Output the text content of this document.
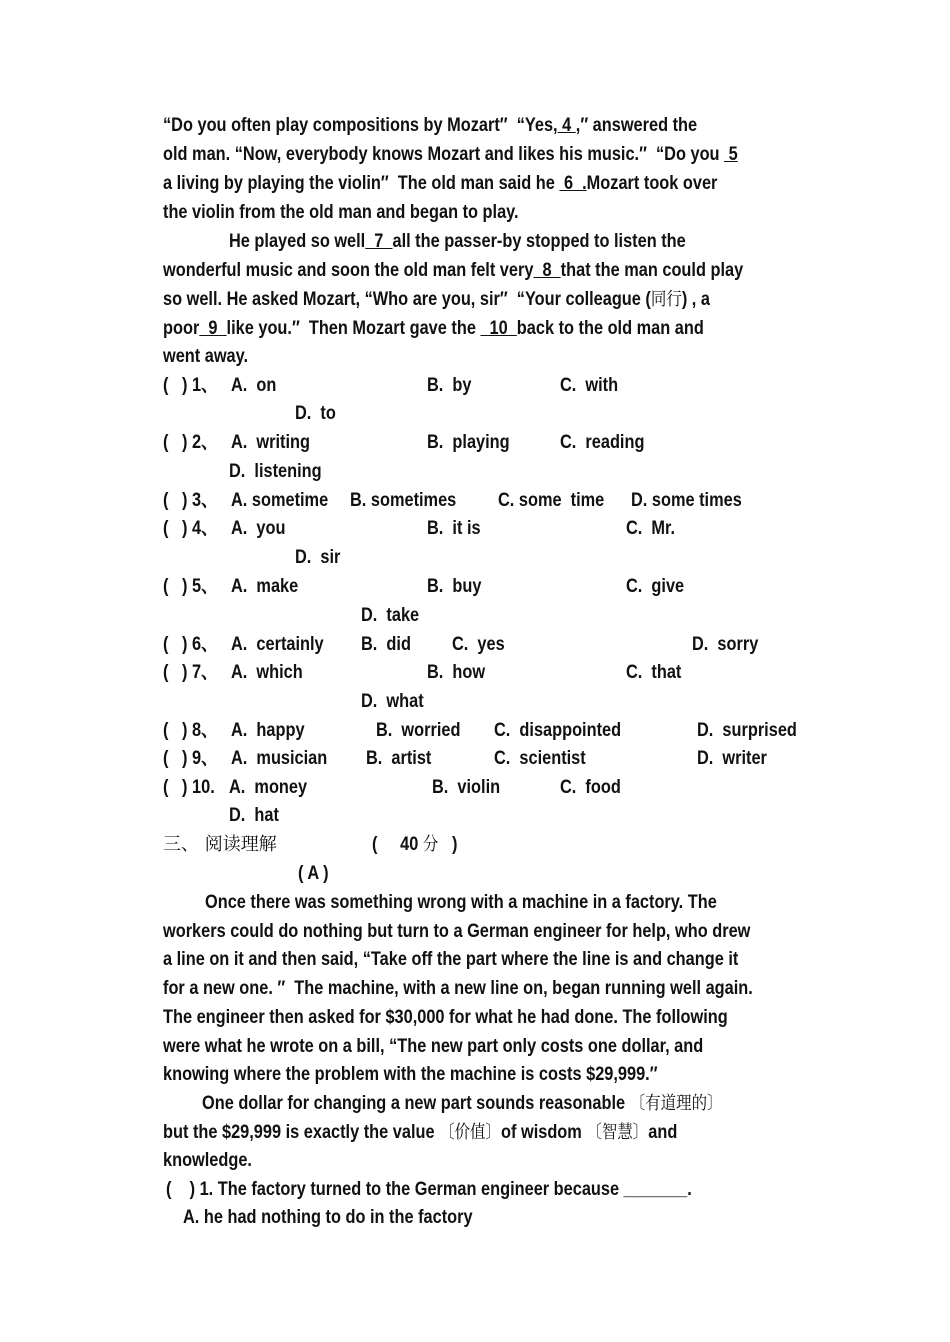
“Do you often play compositions by Mozart″  “Yes, 4 ,″ answered the
old man. “Now, everybody knows Mozart and likes his music.″  “Do you  5
a living by playing the violin″  The old man said he  6  .Mozart took over
the violin from the old man and began to play.
He played so well  7  all the passer-by stopped to listen the
wonderful music and soon the old man felt very  8  that the man could play
so well. He asked Mozart, “Who are you, sir″  “Your colleague (同行) , a
poor  9  like you.″  Then Mozart gave the   10  back to the old man and
went away.
(   ) 1、 A.  on	B.  by	C.  with
D.  to
(   ) 2、 A.  writing	B.  playing	C.  reading
D.  listening
(   ) 3、 A. sometime	B. sometimes	C. some  time	D. some times
(   ) 4、 A.  you	B.  it is	C.  Mr.
D.  sir
(   ) 5、 A.  make	B.  buy	C.  give
D.  take
(   ) 6、 A.  certainly	B.  did	C.  yes	D.  sorry
(   ) 7、 A.  which	B.  how	C.  that
D.  what
(   ) 8、 A.  happy	B.  worried	C.  disappointed	D.  surprised
(   ) 9、 A.  musician	B.  artist	C.  scientist	D.  writer
(   ) 10. A.  money	B.  violin	C.  food
D.  hat
三、 阅读理解	( 40 分 )
( A )
Once there was something wrong with a machine in a factory. The
workers could do nothing but turn to a German engineer for help, who drew
a line on it and then said, “Take off the part where the line is and change it
for a new one. ″  The machine, with a new line on, began running well again.
The engineer then asked for $30,000 for what he had done. The following
were what he wrote on a bill, “The new part only costs one dollar, and
knowing where the problem with the machine is costs $29,999.″
One dollar for changing a new part sounds reasonable 〔有道理的〕
but the $29,999 is exactly the value 〔价值〕of wisdom 〔智慧〕and
knowledge.
(    ) 1. The factory turned to the German engineer because _______.
A. he had nothing to do in the factory
